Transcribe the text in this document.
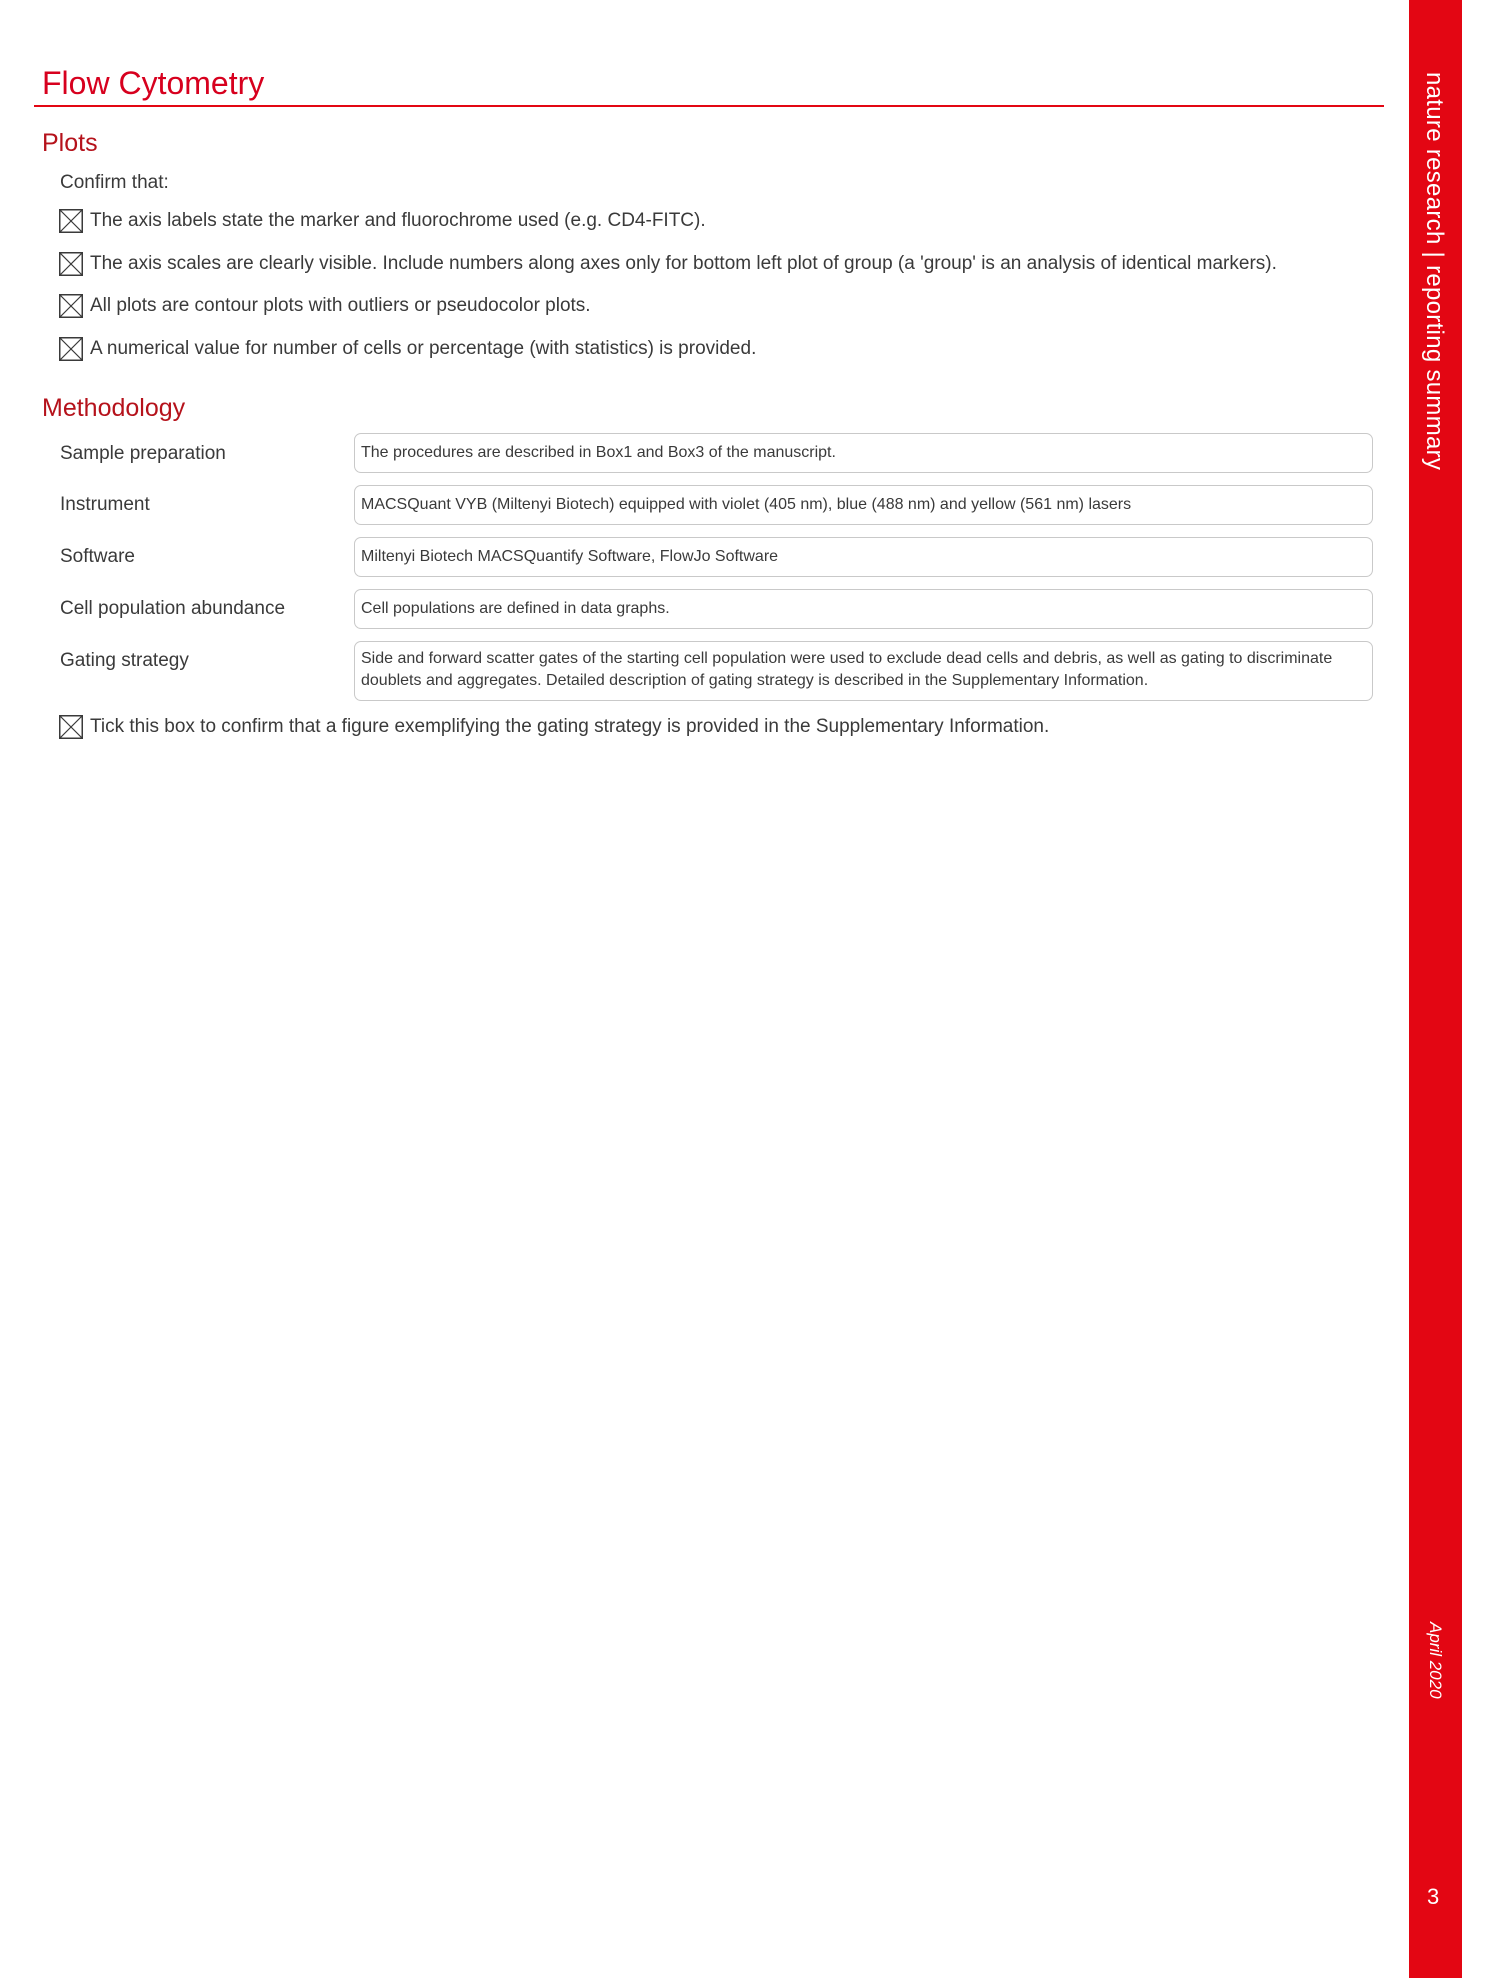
Flow Cytometry
Plots
Confirm that:
The axis labels state the marker and fluorochrome used (e.g. CD4-FITC).
The axis scales are clearly visible. Include numbers along axes only for bottom left plot of group (a 'group' is an analysis of identical markers).
All plots are contour plots with outliers or pseudocolor plots.
A numerical value for number of cells or percentage (with statistics) is provided.
Methodology
Sample preparation	The procedures are described in Box1 and Box3 of the manuscript.
Instrument	MACSQuant VYB (Miltenyi Biotech) equipped with violet (405 nm), blue (488 nm) and yellow (561 nm) lasers
Software	Miltenyi Biotech MACSQuantify Software, FlowJo Software
Cell population abundance	Cell populations are defined in data graphs.
Gating strategy	Side and forward scatter gates of the starting cell population were used to exclude dead cells and debris, as well as gating to discriminate doublets and aggregates. Detailed description of gating strategy is described in the Supplementary Information.
Tick this box to confirm that a figure exemplifying the gating strategy is provided in the Supplementary Information.
nature research | reporting summary
April 2020
3
